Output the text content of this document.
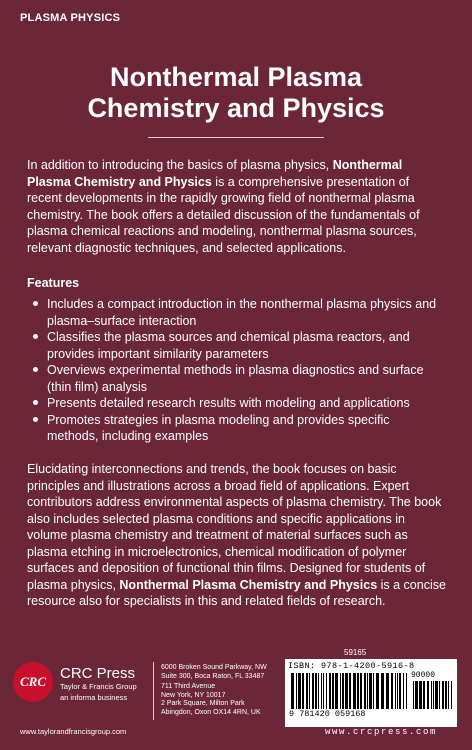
PLASMA PHYSICS
Nonthermal Plasma
Chemistry and Physics
In addition to introducing the basics of plasma physics, Nonthermal Plasma Chemistry and Physics is a comprehensive presentation of recent developments in the rapidly growing field of nonthermal plasma chemistry. The book offers a detailed discussion of the fundamentals of plasma chemical reactions and modeling, nonthermal plasma sources, relevant diagnostic techniques, and selected applications.
Features
Includes a compact introduction in the nonthermal plasma physics and plasma–surface interaction
Classifies the plasma sources and chemical plasma reactors, and provides important similarity parameters
Overviews experimental methods in plasma diagnostics and surface (thin film) analysis
Presents detailed research results with modeling and applications
Promotes strategies in plasma modeling and provides specific methods, including examples
Elucidating interconnections and trends, the book focuses on basic principles and illustrations across a broad field of applications. Expert contributors address environmental aspects of plasma chemistry. The book also includes selected plasma conditions and specific applications in volume plasma chemistry and treatment of material surfaces such as plasma etching in microelectronics, chemical modification of polymer surfaces and deposition of functional thin films. Designed for students of plasma physics, Nonthermal Plasma Chemistry and Physics is a concise resource also for specialists in this and related fields of research.
CRC CRC Press
Taylor & Francis Group
an informa business
www.taylorandfrancisgroup.com
6000 Broken Sound Parkway, NW
Suite 300, Boca Raton, FL 33487
711 Third Avenue
New York, NY 10017
2 Park Square, Milton Park
Abingdon, Oxon OX14 4RN, UK
59165
ISBN: 978-1-4200-5916-8
90000
9 781420 059168
www.crcpress.com
